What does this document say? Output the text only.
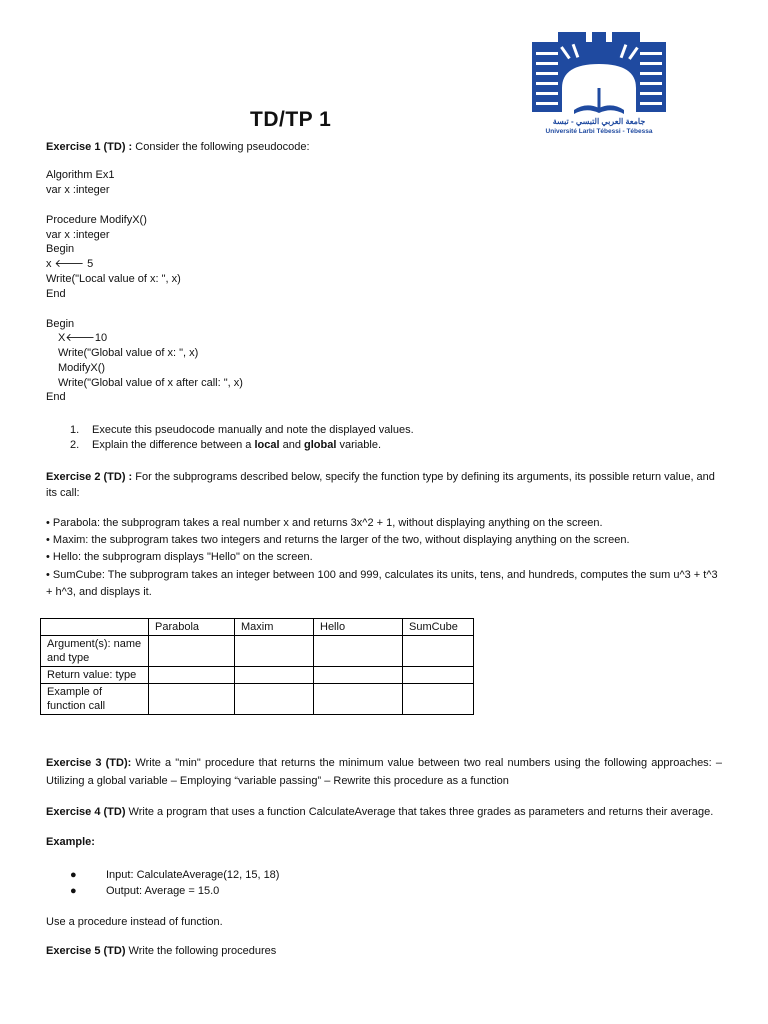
جامعة العربي التبسي - تبسة
Université Larbi Tébessi - Tébessa
TD/TP 1
Exercise 1 (TD) : Consider the following pseudocode:
Algorithm Ex1
var x :integer
Procedure ModifyX()
var x :integer
Begin
x 🡐 5
Write("Local value of x: ", x)
End
Begin
X🡐10
Write("Global value of x: ", x)
ModifyX()
Write("Global value of x after call: ", x)
End
1. Execute this pseudocode manually and note the displayed values.
2. Explain the difference between a local and global variable.
Exercise 2 (TD) : For the subprograms described below, specify the function type by defining its arguments, its possible return value, and its call:
• Parabola: the subprogram takes a real number x and returns 3x^2 + 1, without displaying anything on the screen.
• Maxim: the subprogram takes two integers and returns the larger of the two, without displaying anything on the screen.
• Hello: the subprogram displays "Hello" on the screen.
• SumCube: The subprogram takes an integer between 100 and 999, calculates its units, tens, and hundreds, computes the sum u^3 + t^3 + h^3, and displays it.
	Parabola	Maxim	Hello	SumCube
Argument(s): name and type				
Return value: type				
Example of function call				
Exercise 3 (TD): Write a "min" procedure that returns the minimum value between two real numbers using the following approaches: – Utilizing a global variable – Employing “variable passing” – Rewrite this procedure as a function
Exercise 4 (TD) Write a program that uses a function CalculateAverage that takes three grades as parameters and returns their average.
Example:
●	Input: CalculateAverage(12, 15, 18)
●	Output: Average = 15.0
Use a procedure instead of function.
Exercise 5 (TD) Write the following procedures
